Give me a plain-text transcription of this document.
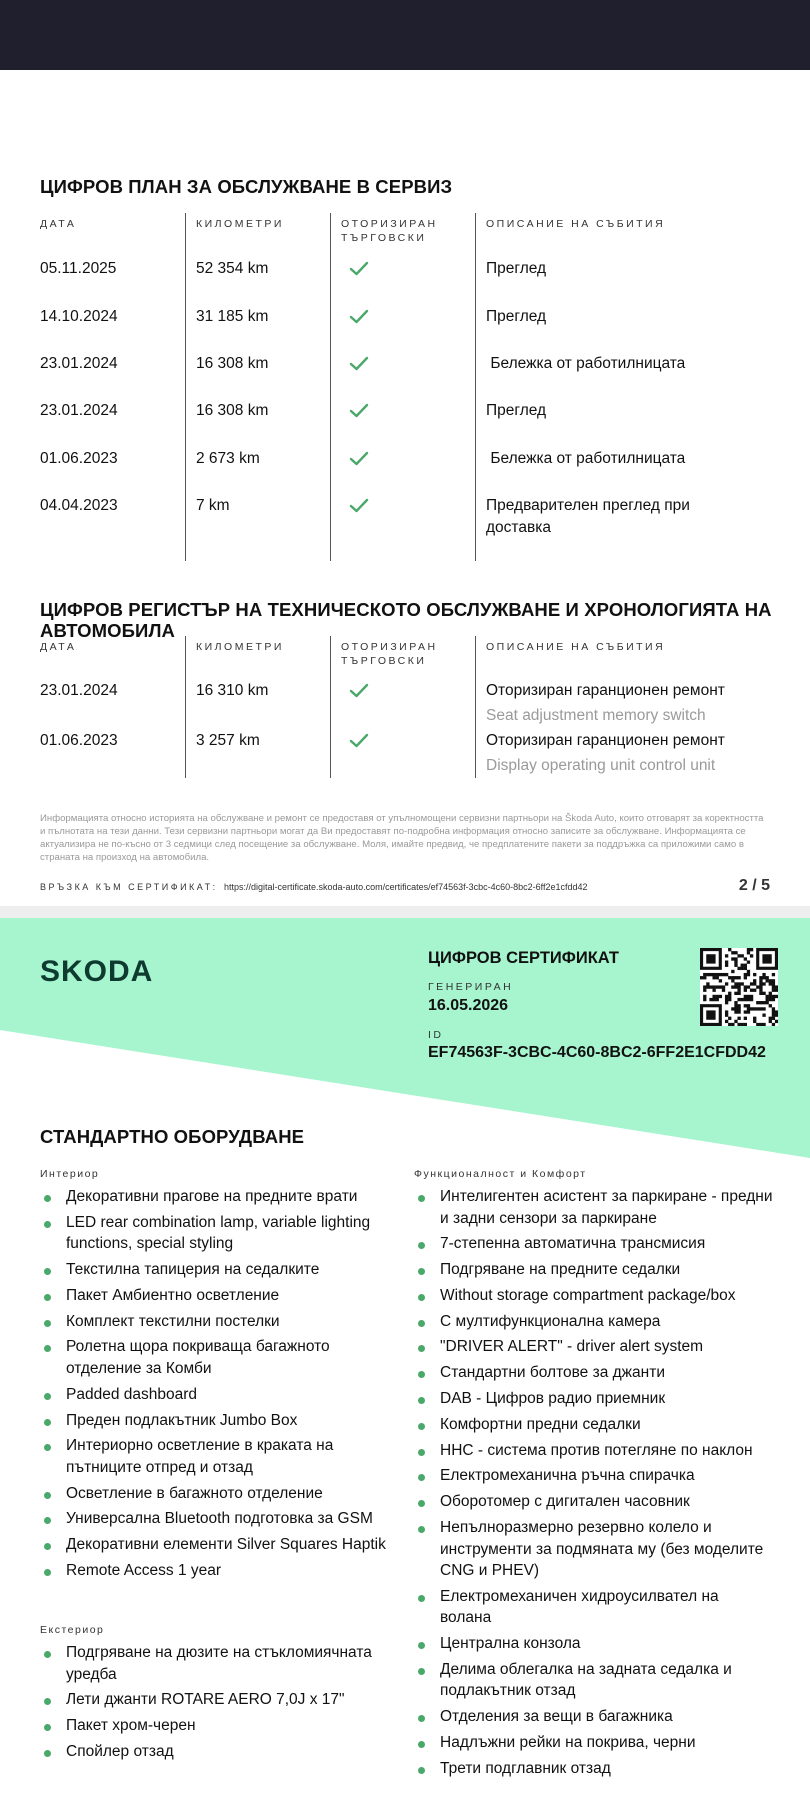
ЦИФРОВ ПЛАН ЗА ОБСЛУЖВАНЕ В СЕРВИЗ
ДАТА	КИЛОМЕТРИ	ОТОРИЗИРАН
ТЪРГОВСКИ
ОПИСАНИЕ НА СЪБИТИЯ
05.11.2025	52 354 km	Преглед
14.10.2024	31 185 km	Преглед
23.01.2024	16 308 km	Бележка от работилницата
23.01.2024	16 308 km	Преглед
01.06.2023	2 673 km	Бележка от работилницата
04.04.2023	7 km	Предварителен преглед при доставка
ЦИФРОВ РЕГИСТЪР НА ТЕХНИЧЕСКОТО ОБСЛУЖВАНЕ И ХРОНОЛОГИЯТА НА АВТОМОБИЛА
ДАТА	КИЛОМЕТРИ	ОТОРИЗИРАН
ТЪРГОВСКИ
ОПИСАНИЕ НА СЪБИТИЯ
23.01.2024	16 310 km	Оторизиран гаранционен ремонт
Seat adjustment memory switch
01.06.2023	3 257 km	Оторизиран гаранционен ремонт
Display operating unit control unit
Информацията относно историята на обслужване и ремонт се предоставя от упълномощени сервизни партньори на Škoda Auto, които отговарят за коректността и пълнотата на тези данни. Тези сервизни партньори могат да Ви предоставят по-подробна информация относно записите за обслужване. Информацията се актуализира не по-късно от 3 седмици след посещение за обслужване. Моля, имайте предвид, че предплатените пакети за поддръжка са приложими само в страната на произход на автомобила.
ВРЪЗКА КЪМ СЕРТИФИКАТ: https://digital-certificate.skoda-auto.com/certificates/ef74563f-3cbc-4c60-8bc2-6ff2e1cfdd42	2 / 5
SKODA	ЦИФРОВ СЕРТИФИКАТ
ГЕНЕРИРАН
16.05.2026
ID
EF74563F-3CBC-4C60-8BC2-6FF2E1CFDD42
СТАНДАРТНО ОБОРУДВАНЕ
Интериор
Декоративни прагове на предните врати
LED rear combination lamp, variable lighting functions, special styling
Текстилна тапицерия на седалките
Пакет Амбиентно осветление
Комплект текстилни постелки
Ролетна щора покриваща багажното отделение за Комби
Padded dashboard
Преден подлакътник Jumbo Box
Интериорно осветление в краката на пътниците отпред и отзад
Осветление в багажното отделение
Универсална Bluetooth подготовка за GSM
Декоративни елементи Silver Squares Haptik
Remote Access 1 year
Екстериор
Подгряване на дюзите на стъкломиячната уредба
Лети джанти ROTARE AERO 7,0J x 17"
Пакет хром-черен
Спойлер отзад
Функционалност и Комфорт
Интелигентен асистент за паркиране - предни и задни сензори за паркиране
7-степенна автоматична трансмисия
Подгряване на предните седалки
Without storage compartment package/box
С мултифункционална камера
"DRIVER ALERT" - driver alert system
Стандартни болтове за джанти
DAB - Цифров радио приемник
Комфортни предни седалки
HHC - система против потегляне по наклон
Електромеханична ръчна спирачка
Оборотомер с дигитален часовник
Непълноразмерно резервно колело и инструменти за подмяната му (без моделите CNG и PHEV)
Електромеханичен хидроусилвател на волана
Централна конзола
Делима облегалка на задната седалка и подлакътник отзад
Отделения за вещи в багажника
Надлъжни рейки на покрива, черни
Трети подглавник отзад
